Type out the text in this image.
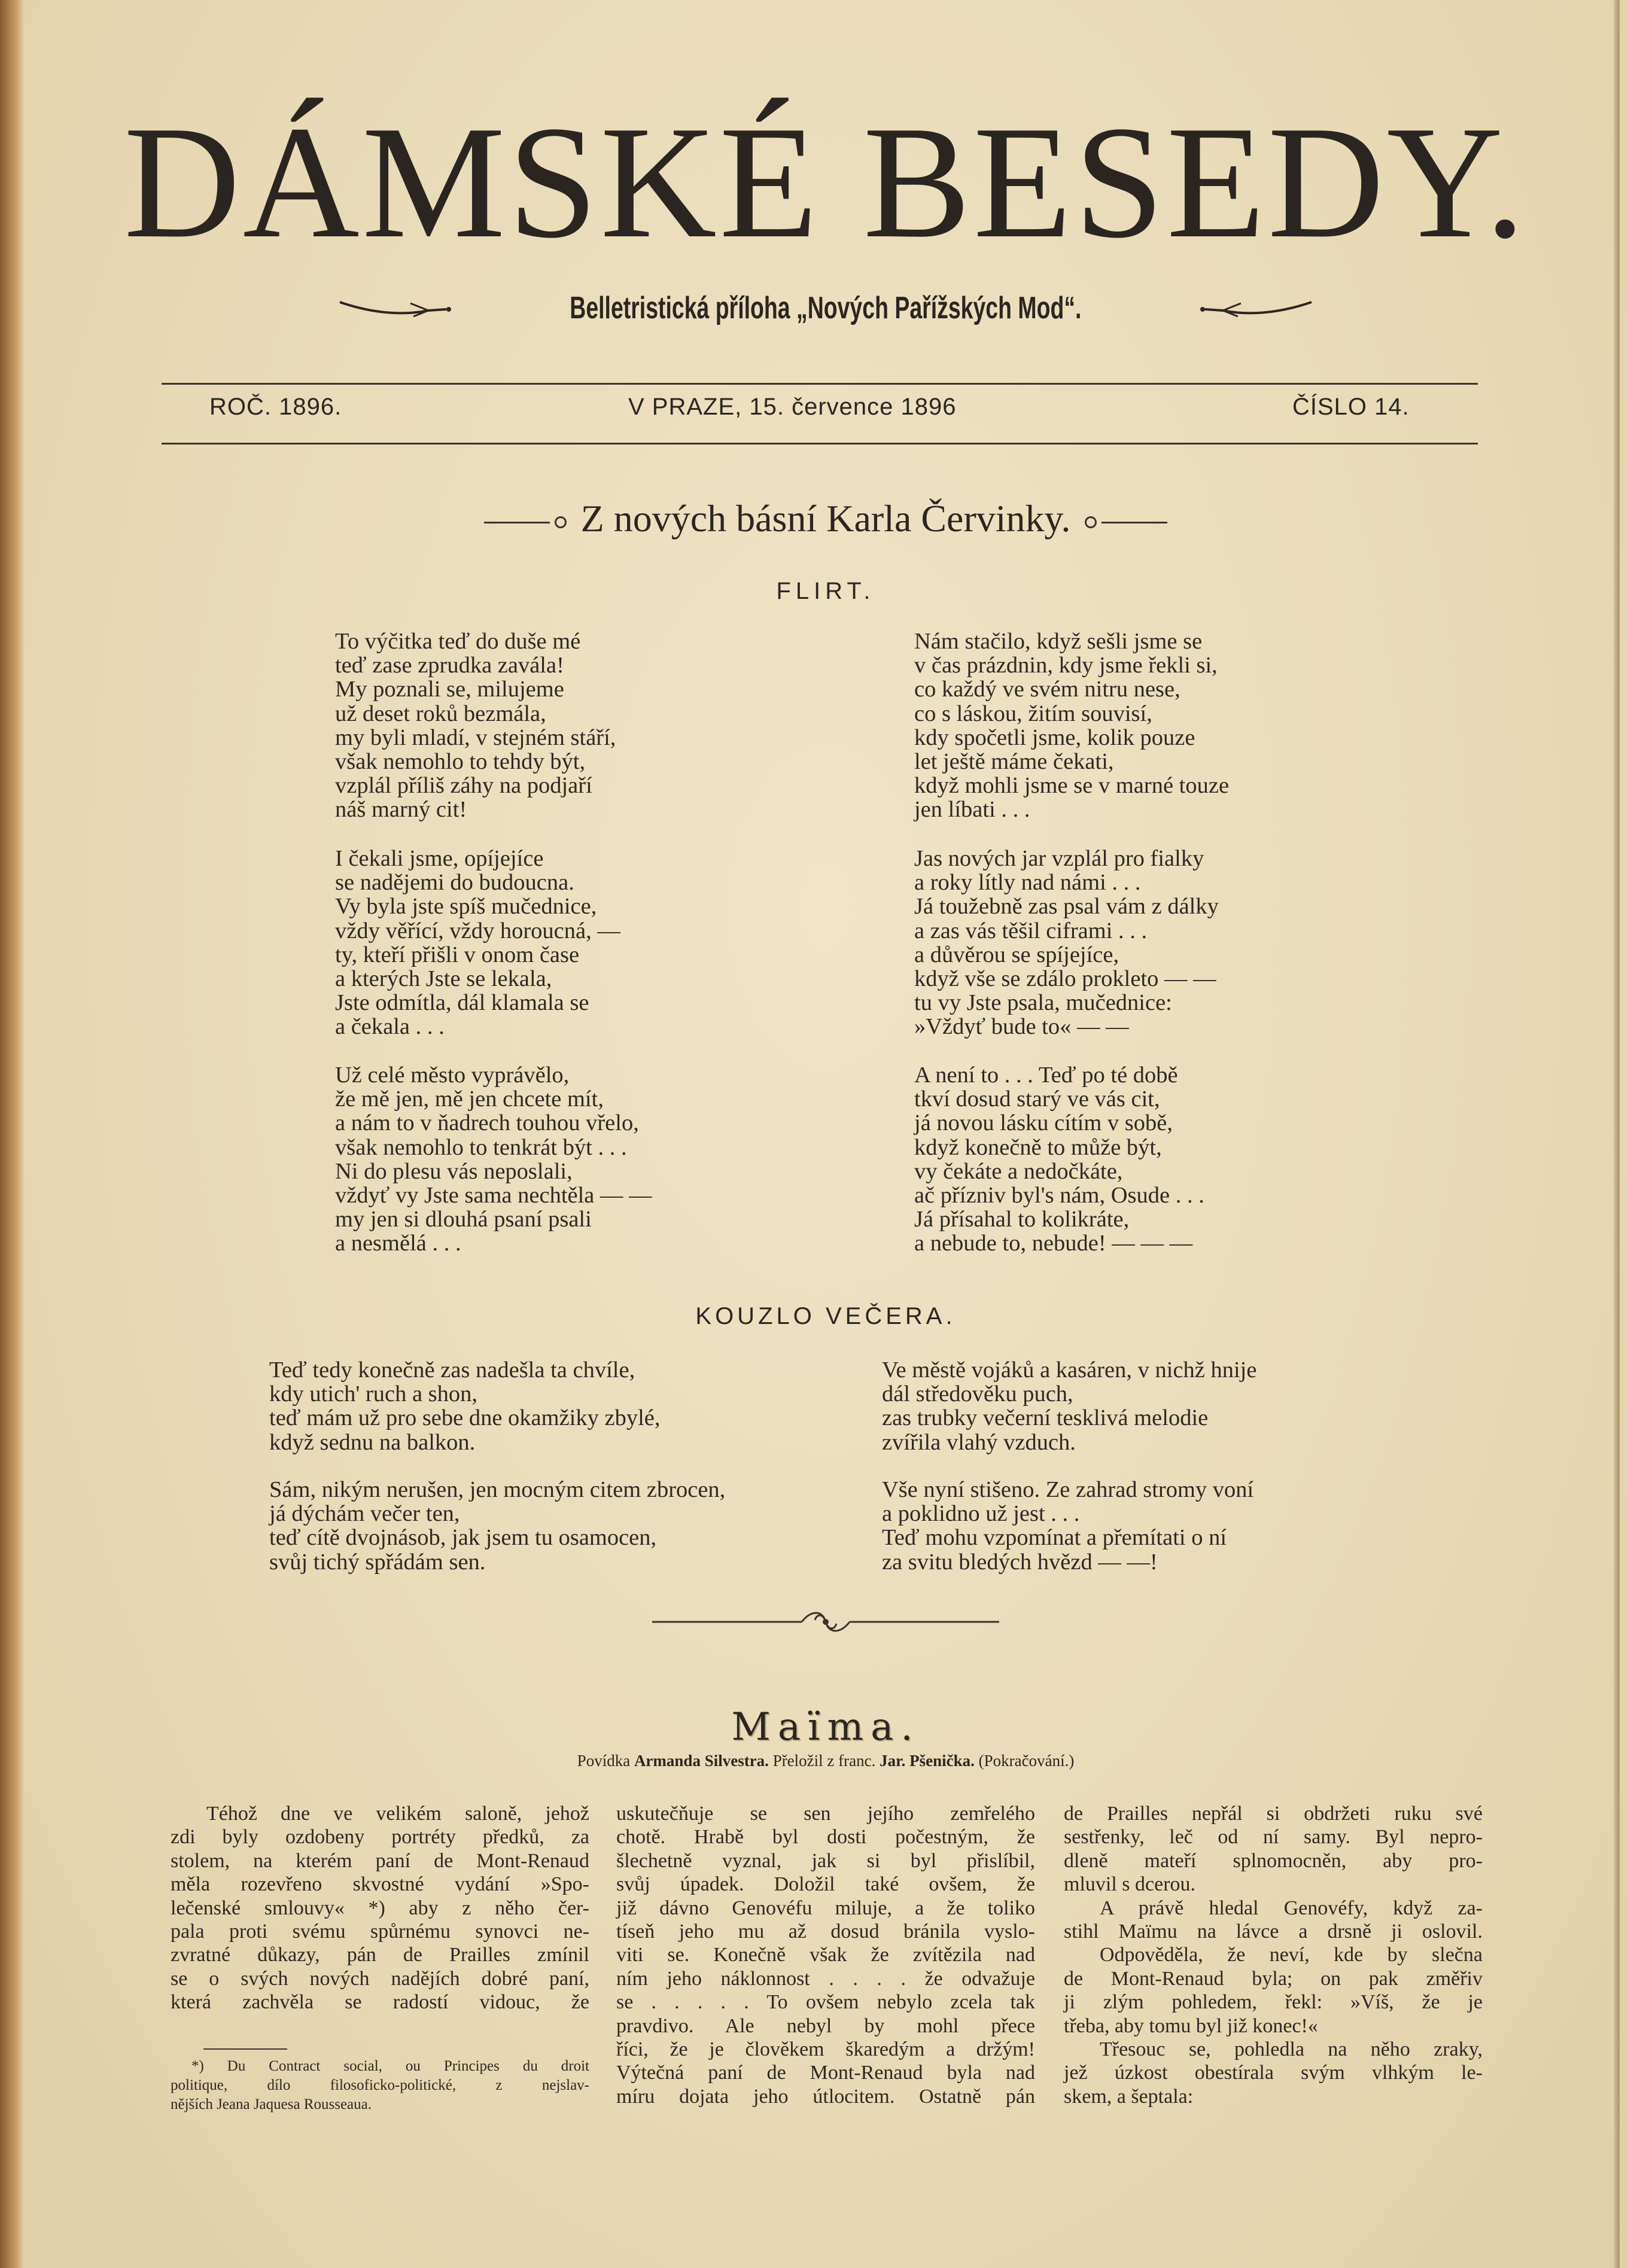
DÁMSKÉ BESEDY.
Belletristická příloha „Nových Pařížských Mod“.
ROČ. 1896.	V PRAZE, 15. července 1896	ČÍSLO 14.
Z nových básní Karla Červinky.
FLIRT.
To výčitka teď do duše mé
teď zase zprudka zavála!
My poznali se, milujeme
už deset roků bezmála,
my byli mladí, v stejném stáří,
však nemohlo to tehdy být,
vzplál příliš záhy na podjaří
náš marný cit!
I čekali jsme, opíjejíce
se nadějemi do budoucna.
Vy byla jste spíš mučednice,
vždy věřící, vždy horoucná, —
ty, kteří přišli v onom čase
a kterých Jste se lekala,
Jste odmítla, dál klamala se
a čekala . . .
Už celé město vyprávělo,
že mě jen, mě jen chcete mít,
a nám to v ňadrech touhou vřelo,
však nemohlo to tenkrát být . . .
Ni do plesu vás neposlali,
vždyť vy Jste sama nechtěla — —
my jen si dlouhá psaní psali
a nesmělá . . .
Nám stačilo, když sešli jsme se
v čas prázdnin, kdy jsme řekli si,
co každý ve svém nitru nese,
co s láskou, žitím souvisí,
kdy spočetli jsme, kolik pouze
let ještě máme čekati,
když mohli jsme se v marné touze
jen líbati . . .
Jas nových jar vzplál pro fialky
a roky lítly nad námi . . .
Já toužebně zas psal vám z dálky
a zas vás těšil ciframi . . .
a důvěrou se spíjejíce,
když vše se zdálo prokleto — —
tu vy Jste psala, mučednice:
»Vždyť bude to« — —
A není to . . . Teď po té době
tkví dosud starý ve vás cit,
já novou lásku cítím v sobě,
když konečně to může být,
vy čekáte a nedočkáte,
ač přízniv byl's nám, Osude . . .
Já přísahal to kolikráte,
a nebude to, nebude! — — —
KOUZLO VEČERA.
Teď tedy konečně zas nadešla ta chvíle,
kdy utich' ruch a shon,
teď mám už pro sebe dne okamžiky zbylé,
když sednu na balkon.
Sám, nikým nerušen, jen mocným citem zbrocen,
já dýchám večer ten,
teď cítě dvojnásob, jak jsem tu osamocen,
svůj tichý spřádám sen.
Ve městě vojáků a kasáren, v nichž hnije
dál středověku puch,
zas trubky večerní tesklivá melodie
zvířila vlahý vzduch.
Vše nyní stišeno. Ze zahrad stromy voní
a poklidno už jest . . .
Teď mohu vzpomínat a přemítati o ní
za svitu bledých hvězd — —!
Maïma.
Povídka Armanda Silvestra. Přeložil z franc. Jar. Pšenička. (Pokračování.)
Téhož dne ve velikém saloně, jehož
zdi byly ozdobeny portréty předků, za
stolem, na kterém paní de Mont-Renaud
měla rozevřeno skvostné vydání »Spo-
lečenské smlouvy« *) aby z něho čer-
pala proti svému spůrnému synovci ne-
zvratné důkazy, pán de Prailles zmínil
se o svých nových nadějích dobré paní,
která zachvěla se radostí vidouc, že
*) Du Contract social, ou Principes du droit
politique, dílo filosoficko-politické, z nejslav-
nějších Jeana Jaquesa Rousseaua.
uskutečňuje se sen jejího zemřelého
chotě. Hrabě byl dosti počestným, že
šlechetně vyznal, jak si byl přislíbil,
svůj úpadek. Doložil také ovšem, že
již dávno Genovéfu miluje, a že toliko
tíseň jeho mu až dosud bránila vyslo-
viti se. Konečně však že zvítězila nad
ním jeho náklonnost . . . . že odvažuje
se . . . . . To ovšem nebylo zcela tak
pravdivo. Ale nebyl by mohl přece
říci, že je člověkem škaredým a držým!
Výtečná paní de Mont-Renaud byla nad
míru dojata jeho útlocitem. Ostatně pán
de Prailles nepřál si obdržeti ruku své
sestřenky, leč od ní samy. Byl nepro-
dleně mateří splnomocněn, aby pro-
mluvil s dcerou.
A právě hledal Genovéfy, když za-
stihl Maïmu na lávce a drsně ji oslovil.
Odpověděla, že neví, kde by slečna
de Mont-Renaud byla; on pak změřiv
ji zlým pohledem, řekl: »Víš, že je
třeba, aby tomu byl již konec!«
Třesouc se, pohledla na něho zraky,
jež úzkost obestírala svým vlhkým le-
skem, a šeptala:
